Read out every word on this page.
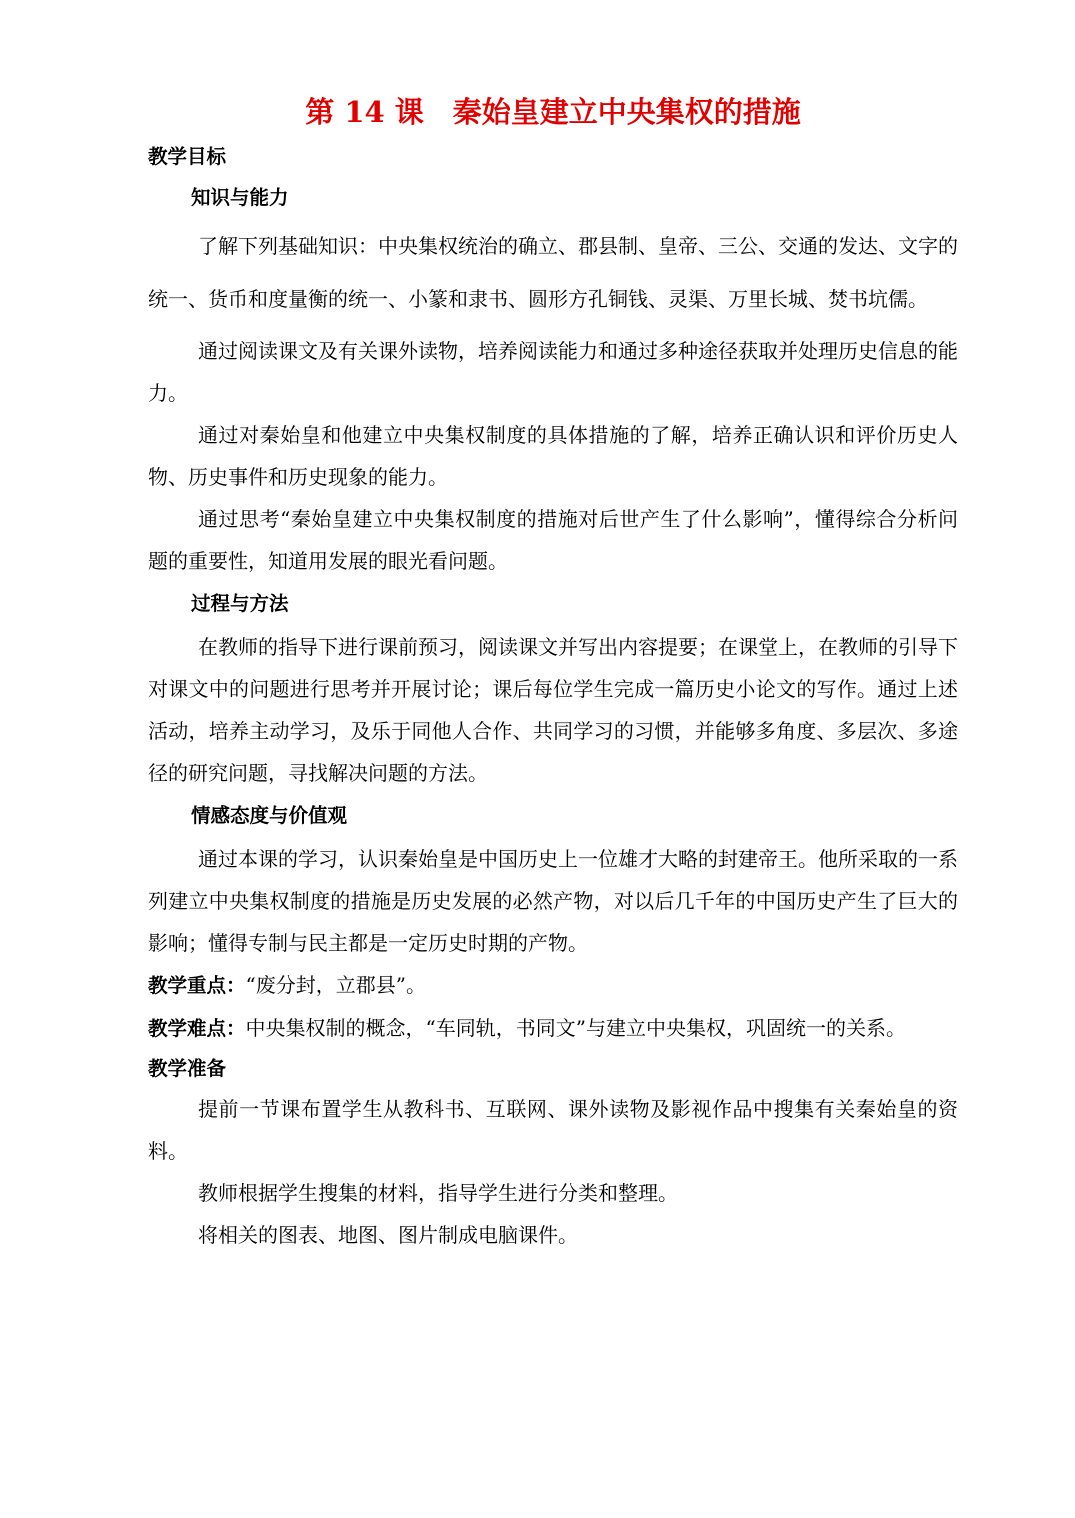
第 14 课　秦始皇建立中央集权的措施

教学目标

知识与能力

了解下列基础知识：中央集权统治的确立、郡县制、皇帝、三公、交通的发达、文字的统一、货币和度量衡的统一、小篆和隶书、圆形方孔铜钱、灵渠、万里长城、焚书坑儒。

通过阅读课文及有关课外读物，培养阅读能力和通过多种途径获取并处理历史信息的能力。

通过对秦始皇和他建立中央集权制度的具体措施的了解，培养正确认识和评价历史人物、历史事件和历史现象的能力。

通过思考“秦始皇建立中央集权制度的措施对后世产生了什么影响”，懂得综合分析问题的重要性，知道用发展的眼光看问题。

过程与方法

在教师的指导下进行课前预习，阅读课文并写出内容提要；在课堂上，在教师的引导下对课文中的问题进行思考并开展讨论；课后每位学生完成一篇历史小论文的写作。通过上述活动，培养主动学习，及乐于同他人合作、共同学习的习惯，并能够多角度、多层次、多途径的研究问题，寻找解决问题的方法。

情感态度与价值观

通过本课的学习，认识秦始皇是中国历史上一位雄才大略的封建帝王。他所采取的一系列建立中央集权制度的措施是历史发展的必然产物，对以后几千年的中国历史产生了巨大的影响；懂得专制与民主都是一定历史时期的产物。

教学重点：“废分封，立郡县”。

教学难点：中央集权制的概念，“车同轨，书同文”与建立中央集权，巩固统一的关系。

教学准备

提前一节课布置学生从教科书、互联网、课外读物及影视作品中搜集有关秦始皇的资料。

教师根据学生搜集的材料，指导学生进行分类和整理。

将相关的图表、地图、图片制成电脑课件。
